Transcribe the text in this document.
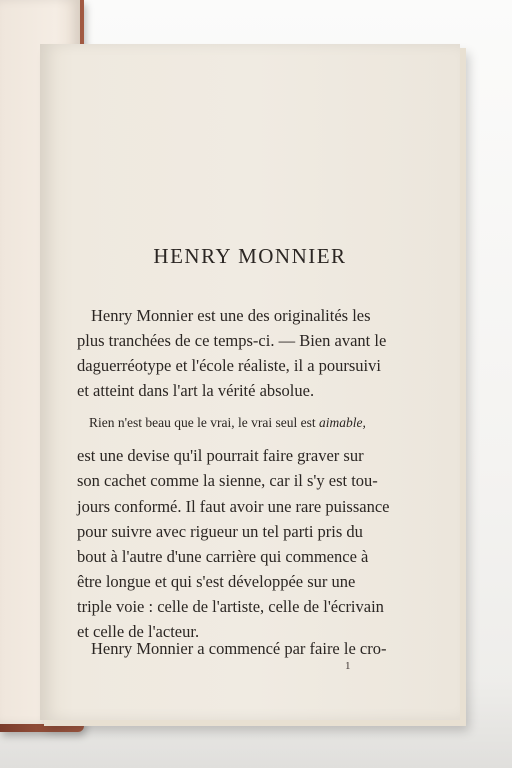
HENRY MONNIER
Henry Monnier est une des originalités les
plus tranchées de ce temps-ci. — Bien avant le
daguerréotype et l'école réaliste, il a poursuivi
et atteint dans l'art la vérité absolue.
Rien n'est beau que le vrai, le vrai seul est aimable,
est une devise qu'il pourrait faire graver sur
son cachet comme la sienne, car il s'y est tou-
jours conformé. Il faut avoir une rare puissance
pour suivre avec rigueur un tel parti pris du
bout à l'autre d'une carrière qui commence à
être longue et qui s'est développée sur une
triple voie : celle de l'artiste, celle de l'écrivain
et celle de l'acteur.
Henry Monnier a commencé par faire le cro-
1
